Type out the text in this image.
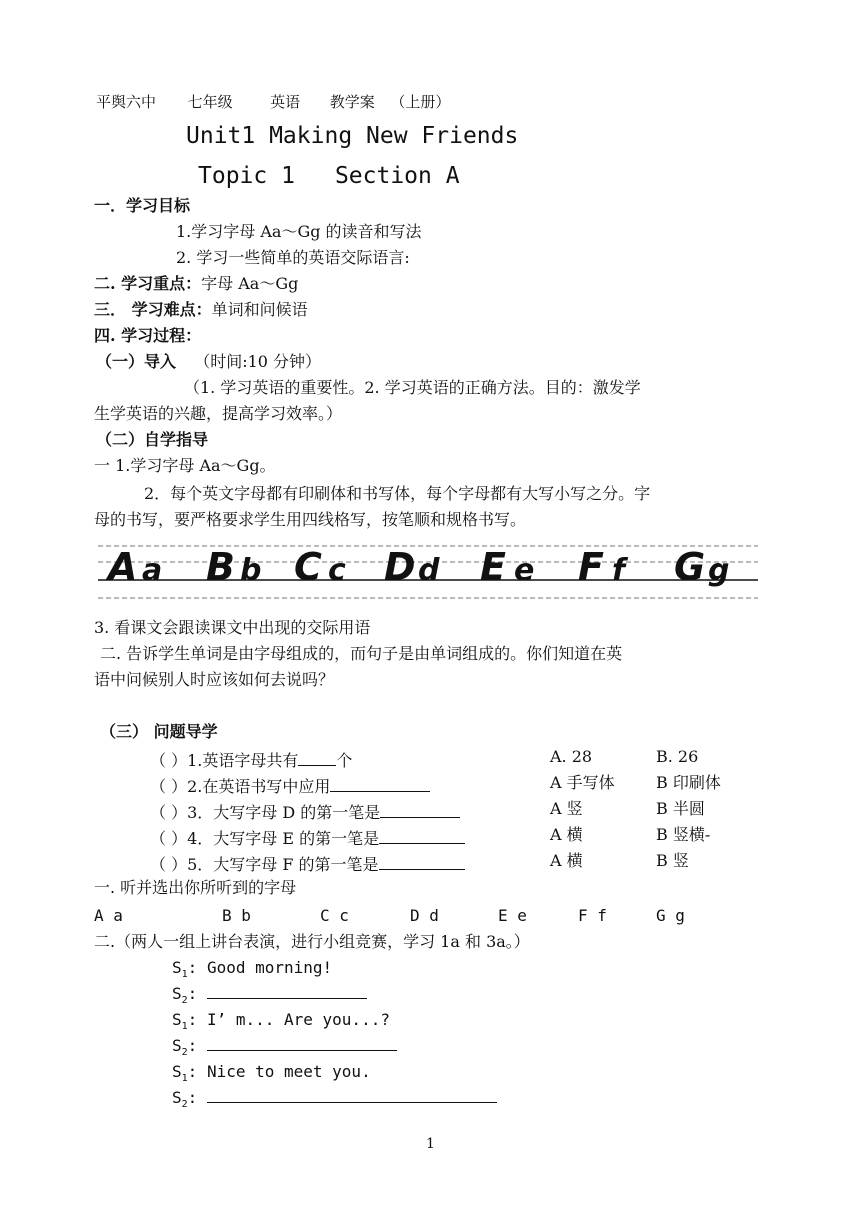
平舆六中 七年级	英语 教学案 （上册）
Unit1 Making New Friends
Topic 1 Section A
一．学习目标
1.学习字母 Aa～Gg 的读音和写法
2. 学习一些简单的英语交际语言:
二. 学习重点：字母 Aa～Gg
三． 学习难点：单词和问候语
四. 学习过程：
（一）导入 （时间:10 分钟）
（1. 学习英语的重要性。2. 学习英语的正确方法。目的：激发学
生学英语的兴趣，提高学习效率。）
（二）自学指导
一 1.学习字母 Aa～Gg。
2．每个英文字母都有印刷体和书写体，每个字母都有大写小写之分。字
母的书写，要严格要求学生用四线格写，按笔顺和规格书写。
A a B b C c D d E e F f G g
3. 看课文会跟读课文中出现的交际用语
二. 告诉学生单词是由字母组成的，而句子是由单词组成的。你们知道在英
语中问候别人时应该如何去说吗？
（三） 问题导学
（ ） 1.英语字母共有 个	A. 28	B. 26
（ ） 2.在英语书写中应用	A 手写体	B 印刷体
（ ） 3．大写字母 D 的第一笔是	A 竖	B 半圆
（ ） 4．大写字母 E 的第一笔是	A 横	B 竖横-
（ ） 5．大写字母 F 的第一笔是	A 横	B 竖
一. 听并选出你所听到的字母
A a	B b	C c	D d	E e	F f	G g
二.（两人一组上讲台表演，进行小组竞赛，学习 1a 和 3a。）
$S_1$: Good morning!
$S_2$:
$S_1$: I’ m... Are you...?
$S_2$:
$S_1$: Nice to meet you.
$S_2$:
1
